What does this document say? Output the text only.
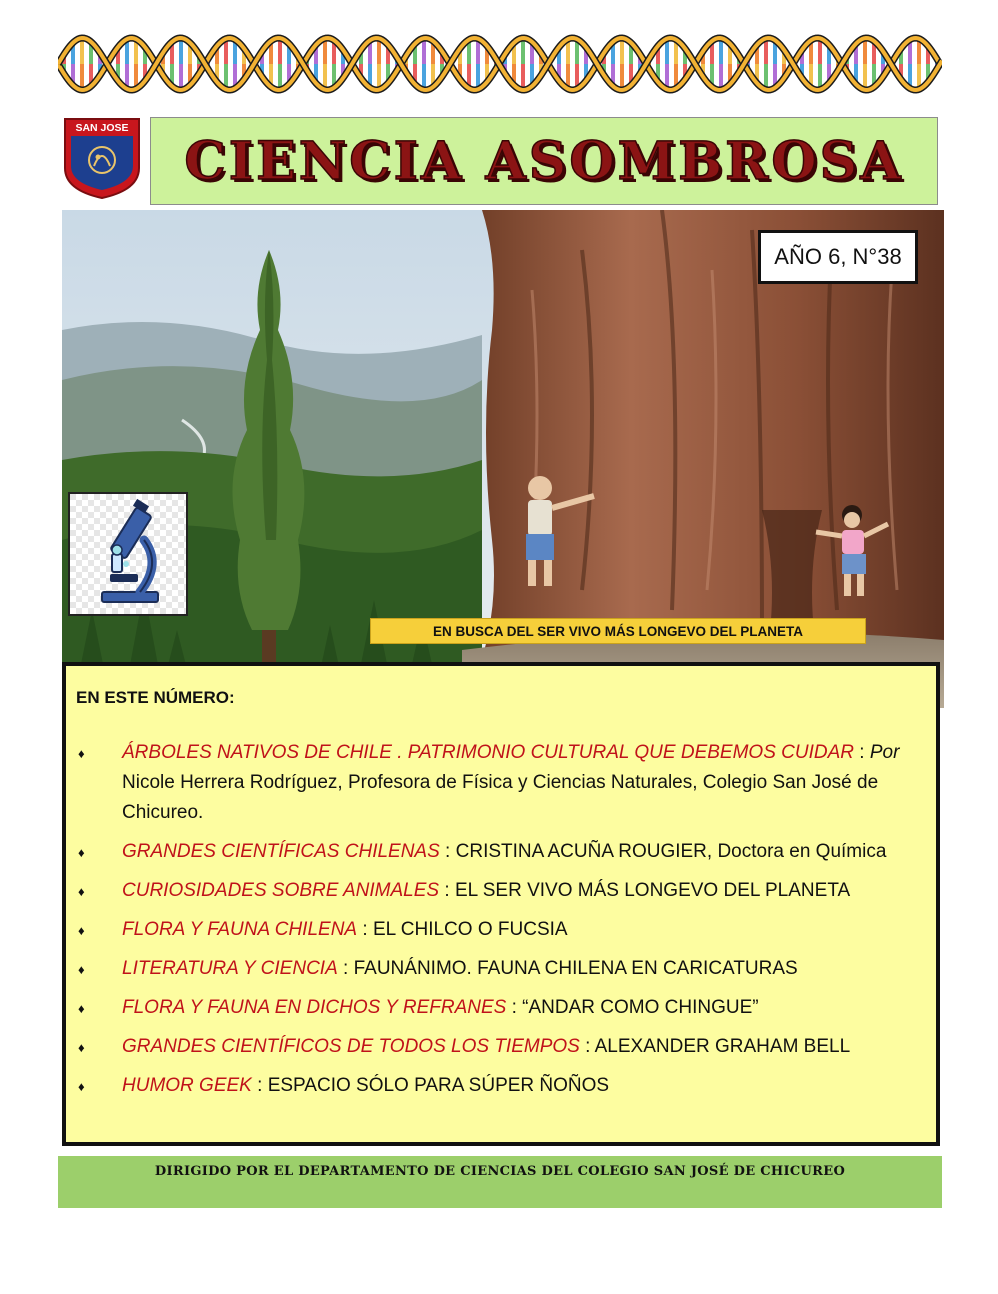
SAN JOSE
CIENCIA ASOMBROSA
AÑO 6, N°38
EN BUSCA DEL SER VIVO MÁS LONGEVO DEL PLANETA
EN ESTE NÚMERO:
♦ ÁRBOLES NATIVOS DE CHILE . PATRIMONIO CULTURAL QUE DEBEMOS CUIDAR : Por Nicole Herrera Rodríguez, Profesora de Física y Ciencias Naturales, Colegio San José de Chicureo.
♦ GRANDES CIENTÍFICAS CHILENAS : CRISTINA ACUÑA ROUGIER, Doctora en Química
♦ CURIOSIDADES SOBRE ANIMALES : EL SER VIVO MÁS LONGEVO DEL PLANETA
♦ FLORA Y FAUNA CHILENA : EL CHILCO O FUCSIA
♦ LITERATURA Y CIENCIA : FAUNÁNIMO. FAUNA CHILENA EN CARICATURAS
♦ FLORA Y FAUNA EN DICHOS Y REFRANES : “ANDAR COMO CHINGUE”
♦ GRANDES CIENTÍFICOS DE TODOS LOS TIEMPOS : ALEXANDER GRAHAM BELL
♦ HUMOR GEEK : ESPACIO SÓLO PARA SÚPER ÑOÑOS
DIRIGIDO POR EL DEPARTAMENTO DE CIENCIAS DEL COLEGIO SAN JOSÉ DE CHICUREO
